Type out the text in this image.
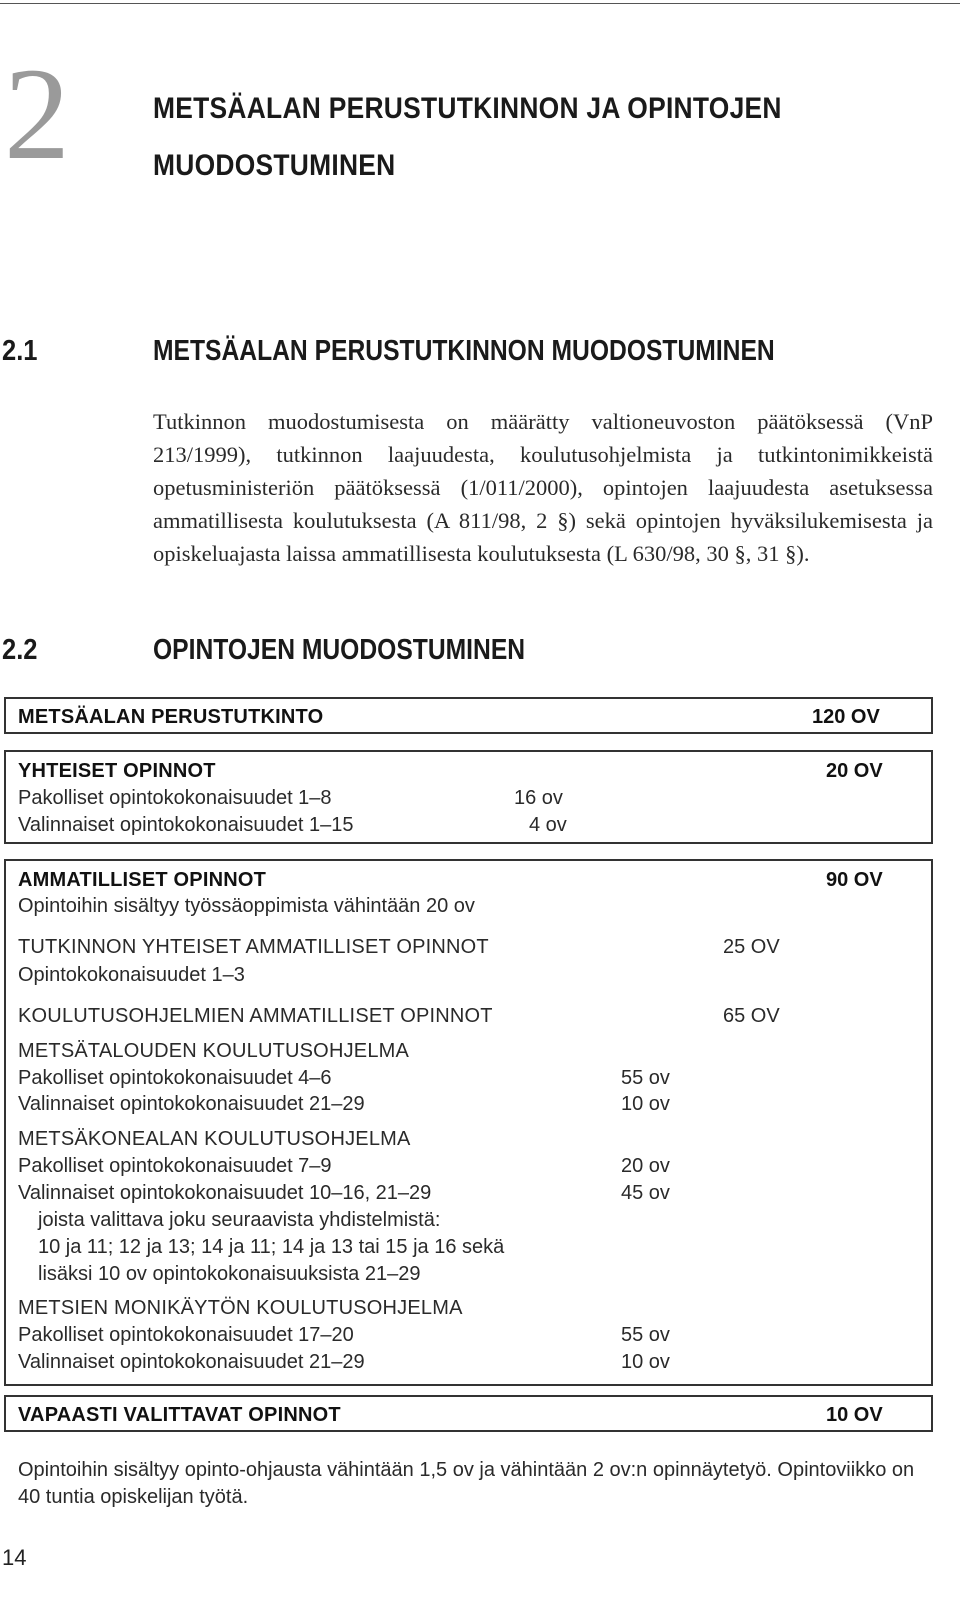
2	METSÄALAN PERUSTUTKINNON JA OPINTOJEN
MUODOSTUMINEN
2.1	METSÄALAN PERUSTUTKINNON MUODOSTUMINEN
Tutkinnon muodostumisesta on määrätty valtioneuvoston päätöksessä (VnP 213/1999), tutkinnon laajuudesta, koulutusohjelmista ja tutkintonimikkeistä opetusministeriön päätöksessä (1/011/2000), opintojen laajuudesta asetuksessa ammatillisesta koulutuksesta (A 811/98, 2 §) sekä opintojen hyväksilukemisesta ja opiskeluajasta laissa ammatillisesta koulutuksesta (L 630/98, 30 §, 31 §).
2.2	OPINTOJEN MUODOSTUMINEN
METSÄALAN PERUSTUTKINTO	120 OV
YHTEISET OPINNOT	20 OV
Pakolliset opintokokonaisuudet 1–8	16 ov
Valinnaiset opintokokonaisuudet 1–15	4 ov
AMMATILLISET OPINNOT	90 OV
Opintoihin sisältyy työssäoppimista vähintään 20 ov
TUTKINNON YHTEISET AMMATILLISET OPINNOT	25 OV
Opintokokonaisuudet 1–3
KOULUTUSOHJELMIEN AMMATILLISET OPINNOT	65 OV
METSÄTALOUDEN KOULUTUSOHJELMA
Pakolliset opintokokonaisuudet 4–6	55 ov
Valinnaiset opintokokonaisuudet 21–29	10 ov
METSÄKONEALAN KOULUTUSOHJELMA
Pakolliset opintokokonaisuudet 7–9	20 ov
Valinnaiset opintokokonaisuudet 10–16, 21–29	45 ov
joista valittava joku seuraavista yhdistelmistä:
10 ja 11; 12 ja 13; 14 ja 11; 14 ja 13 tai 15 ja 16 sekä
lisäksi 10 ov opintokokonaisuuksista 21–29
METSIEN MONIKÄYTÖN KOULUTUSOHJELMA
Pakolliset opintokokonaisuudet 17–20	55 ov
Valinnaiset opintokokonaisuudet 21–29	10 ov
VAPAASTI VALITTAVAT OPINNOT	10 OV
Opintoihin sisältyy opinto-ohjausta vähintään 1,5 ov ja vähintään 2 ov:n opinnäytetyö. Opintoviikko on 40 tuntia opiskelijan työtä.
14
